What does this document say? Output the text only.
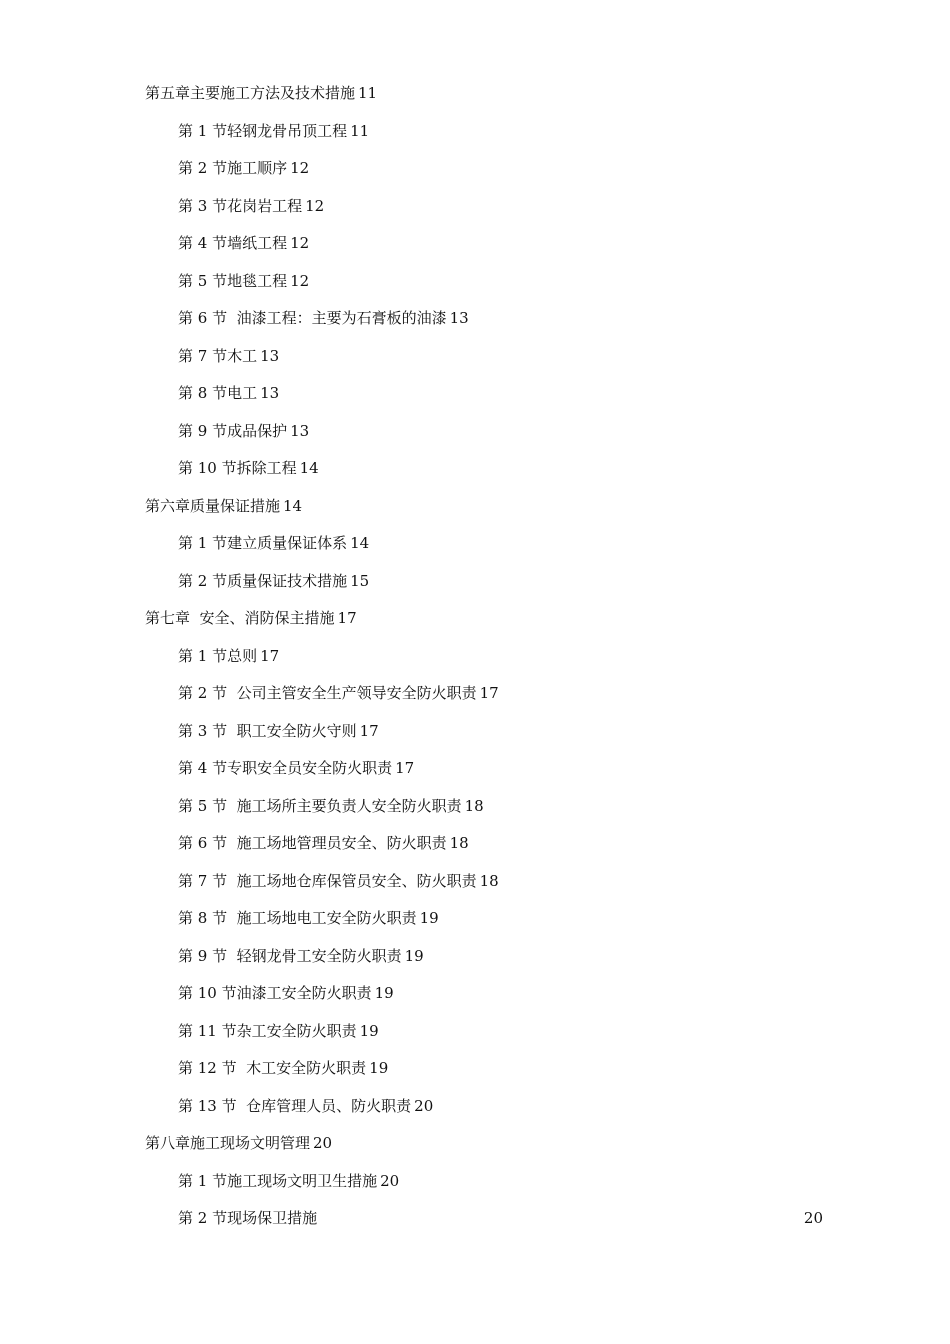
第五章主要施工方法及技术措施 11
第 1 节轻钢龙骨吊顶工程 11
第 2 节施工顺序 12
第 3 节花岗岩工程 12
第 4 节墙纸工程 12
第 5 节地毯工程 12
第 6 节  油漆工程：主要为石膏板的油漆 13
第 7 节木工 13
第 8 节电工 13
第 9 节成品保护 13
第 10 节拆除工程 14
第六章质量保证措施 14
第 1 节建立质量保证体系 14
第 2 节质量保证技术措施 15
第七章  安全、消防保主措施 17
第 1 节总则 17
第 2 节  公司主管安全生产领导安全防火职责 17
第 3 节  职工安全防火守则 17
第 4 节专职安全员安全防火职责 17
第 5 节  施工场所主要负责人安全防火职责 18
第 6 节  施工场地管理员安全、防火职责 18
第 7 节  施工场地仓库保管员安全、防火职责 18
第 8 节  施工场地电工安全防火职责 19
第 9 节  轻钢龙骨工安全防火职责 19
第 10 节油漆工安全防火职责 19
第 11 节杂工安全防火职责 19
第 12 节  木工安全防火职责 19
第 13 节  仓库管理人员、防火职责 20
第八章施工现场文明管理 20
第 1 节施工现场文明卫生措施 20
第 2 节现场保卫措施	20
